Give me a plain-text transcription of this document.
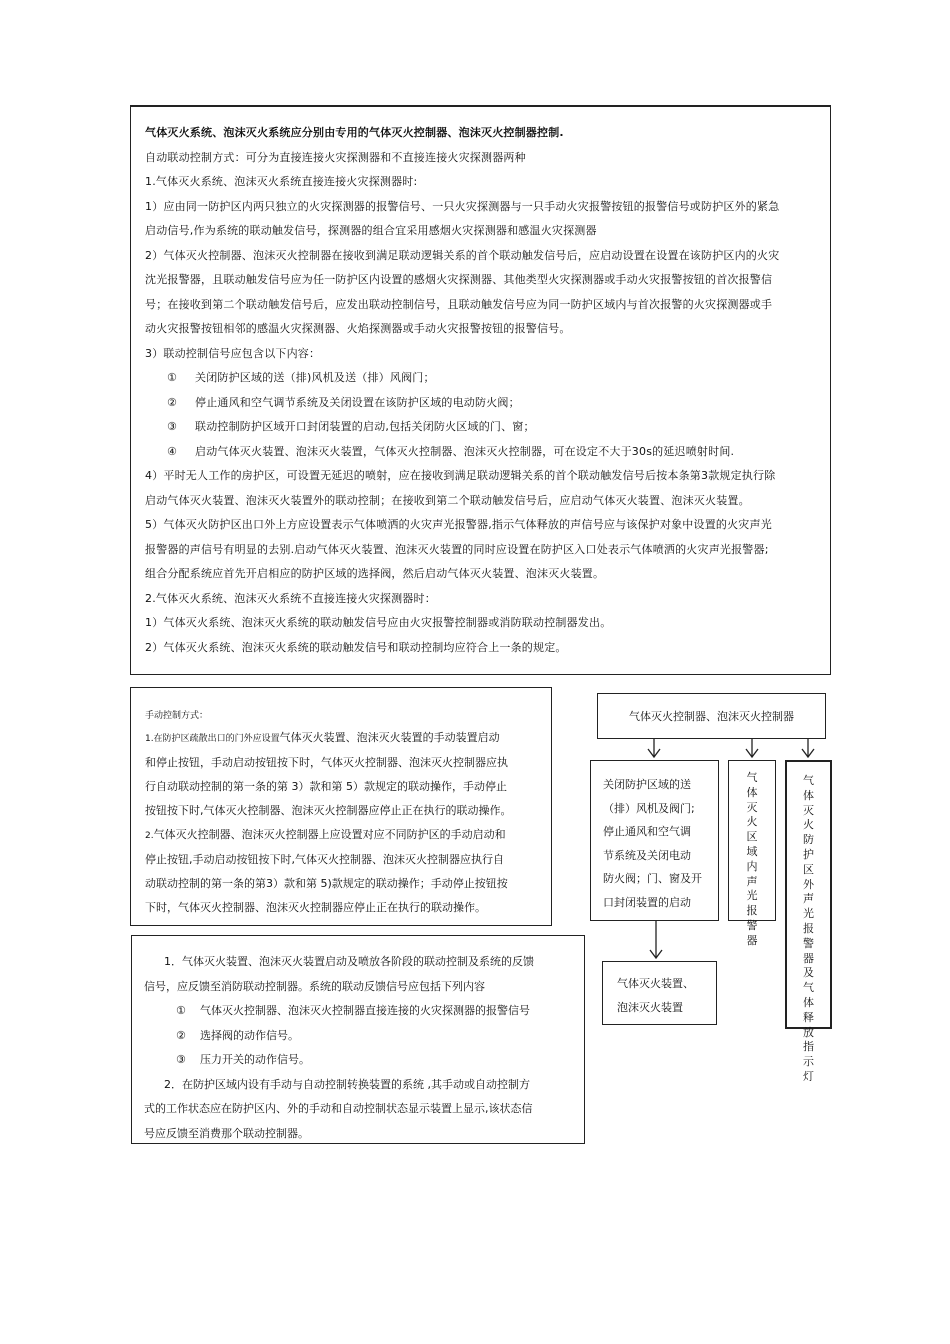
气体灭火系统、泡沫灭火系统应分别由专用的气体灭火控制器、泡沫灭火控制器控制.

自动联动控制方式：可分为直接连接火灾探测器和不直接连接火灾探测器两种

1.气体灭火系统、泡沫灭火系统直接连接火灾探测器时:

1）应由同一防护区内两只独立的火灾探测器的报警信号、一只火灾探测器与一只手动火灾报警按钮的报警信号或防护区外的紧急

启动信号,作为系统的联动触发信号，探测器的组合宜采用感烟火灾探测器和感温火灾探测器

2）气体灭火控制器、泡沫灭火控制器在接收到满足联动逻辑关系的首个联动触发信号后，应启动设置在设置在该防护区内的火灾

沈光报警器，且联动触发信号应为任一防护区内设置的感烟火灾探测器、其他类型火灾探测器或手动火灾报警按钮的首次报警信

号；在接收到第二个联动触发信号后，应发出联动控制信号，且联动触发信号应为同一防护区域内与首次报警的火灾探测器或手

动火灾报警按钮相邻的感温火灾探测器、火焰探测器或手动火灾报警按钮的报警信号。

3）联动控制信号应包含以下内容：

① 关闭防护区域的送（排)风机及送（排）风阀门；

② 停止通风和空气调节系统及关闭设置在该防护区域的电动防火阀；

③ 联动控制防护区域开口封闭装置的启动,包括关闭防火区域的门、窗；

④ 启动气体灭火装置、泡沫灭火装置，气体灭火控制器、泡沫灭火控制器，可在设定不大于30s的延迟喷射时间.

4）平时无人工作的房护区，可设置无延迟的喷射，应在接收到满足联动逻辑关系的首个联动触发信号后按本条第3款规定执行除

启动气体灭火装置、泡沫灭火装置外的联动控制；在接收到第二个联动触发信号后，应启动气体灭火装置、泡沫灭火装置。

5）气体灭火防护区出口外上方应设置表示气体喷洒的火灾声光报警器,指示气体释放的声信号应与该保护对象中设置的火灾声光

报警器的声信号有明显的去别.启动气体灭火装置、泡沫灭火装置的同时应设置在防护区入口处表示气体喷洒的火灾声光报警器;

组合分配系统应首先开启相应的防护区域的选择阀，然后启动气体灭火装置、泡沫灭火装置。

2.气体灭火系统、泡沫灭火系统不直接连接火灾探测器时：

1）气体灭火系统、泡沫灭火系统的联动触发信号应由火灾报警控制器或消防联动控制器发出。

2）气体灭火系统、泡沫灭火系统的联动触发信号和联动控制均应符合上一条的规定。

手动控制方式：

1.在防护区疏散出口的门外应设置气体灭火装置、泡沫灭火装置的手动装置启动

和停止按钮，手动启动按钮按下时，气体灭火控制器、泡沫灭火控制器应执

行自动联动控制的第一条的第 3）款和第 5）款规定的联动操作，手动停止

按钮按下时,气体灭火控制器、泡沫灭火控制器应停止正在执行的联动操作。

2.气体灭火控制器、泡沫灭火控制器上应设置对应不同防护区的手动启动和

停止按钮,手动启动按钮按下时,气体灭火控制器、泡沫灭火控制器应执行自

动联动控制的第一条的第3）款和第 5)款规定的联动操作；手动停止按钮按

下时，气体灭火控制器、泡沫灭火控制器应停止正在执行的联动操作。

1．气体灭火装置、泡沫灭火装置启动及喷放各阶段的联动控制及系统的反馈

信号，应反馈至消防联动控制器。系统的联动反馈信号应包括下列内容

① 气体灭火控制器、泡沫灭火控制器直接连接的火灾探测器的报警信号

② 选择阀的动作信号。

③ 压力开关的动作信号。

2．在防护区域内设有手动与自动控制转换装置的系统 ,其手动或自动控制方

式的工作状态应在防护区内、外的手动和自动控制状态显示装置上显示,该状态信

号应反馈至消费那个联动控制器。

气体灭火控制器、泡沫灭火控制器

关闭防护区域的送

（排）风机及阀门;

停止通风和空气调

节系统及关闭电动

防火阀；门、窗及开

口封闭装置的启动

气体灭火区域内声光报警器
气体灭火防护区外声光报警器及气体释放指示灯

气体灭火装置、

泡沫灭火装置
